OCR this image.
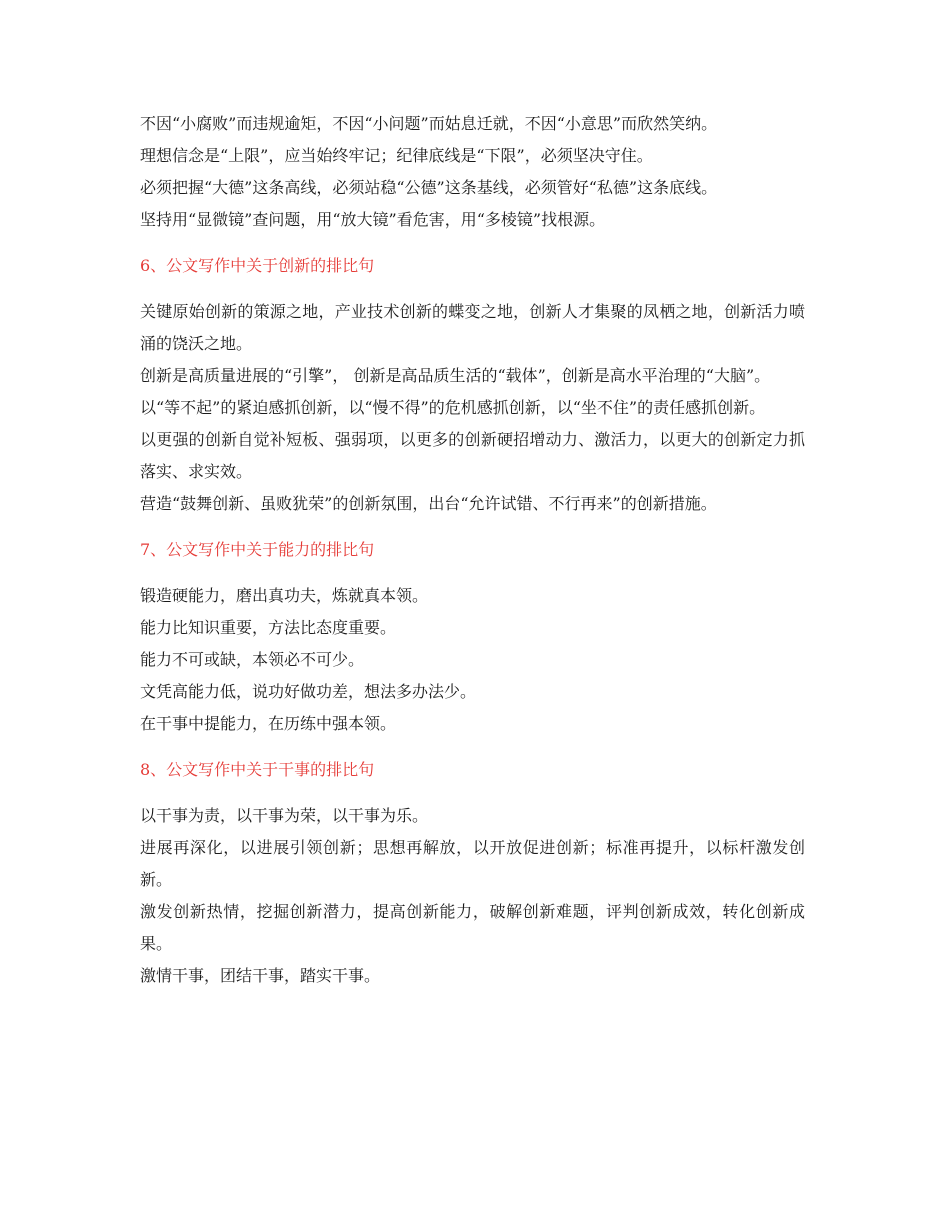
不因“小腐败”而违规逾矩，不因“小问题”而姑息迁就，不因“小意思”而欣然笑纳。

理想信念是“上限”，应当始终牢记；纪律底线是“下限”，必须坚决守住。

必须把握“大德”这条高线，必须站稳“公德”这条基线，必须管好“私德”这条底线。

坚持用“显微镜”查问题，用“放大镜”看危害，用“多棱镜”找根源。

6、公文写作中关于创新的排比句

关键原始创新的策源之地，产业技术创新的蝶变之地，创新人才集聚的凤栖之地，创新活力喷涌的饶沃之地。

创新是高质量进展的“引擎”， 创新是高品质生活的“载体”，创新是高水平治理的“大脑”。

以“等不起”的紧迫感抓创新，以“慢不得”的危机感抓创新，以“坐不住”的责任感抓创新。

以更强的创新自觉补短板、强弱项，以更多的创新硬招增动力、激活力，以更大的创新定力抓落实、求实效。

营造“鼓舞创新、虽败犹荣”的创新氛围，出台“允许试错、不行再来”的创新措施。

7、公文写作中关于能力的排比句

锻造硬能力，磨出真功夫，炼就真本领。

能力比知识重要，方法比态度重要。

能力不可或缺，本领必不可少。

文凭高能力低，说功好做功差，想法多办法少。

在干事中提能力，在历练中强本领。

8、公文写作中关于干事的排比句

以干事为责，以干事为荣，以干事为乐。

进展再深化，以进展引领创新；思想再解放，以开放促进创新；标准再提升，以标杆激发创新。

激发创新热情，挖掘创新潜力，提高创新能力，破解创新难题，评判创新成效，转化创新成果。

激情干事，团结干事，踏实干事。
